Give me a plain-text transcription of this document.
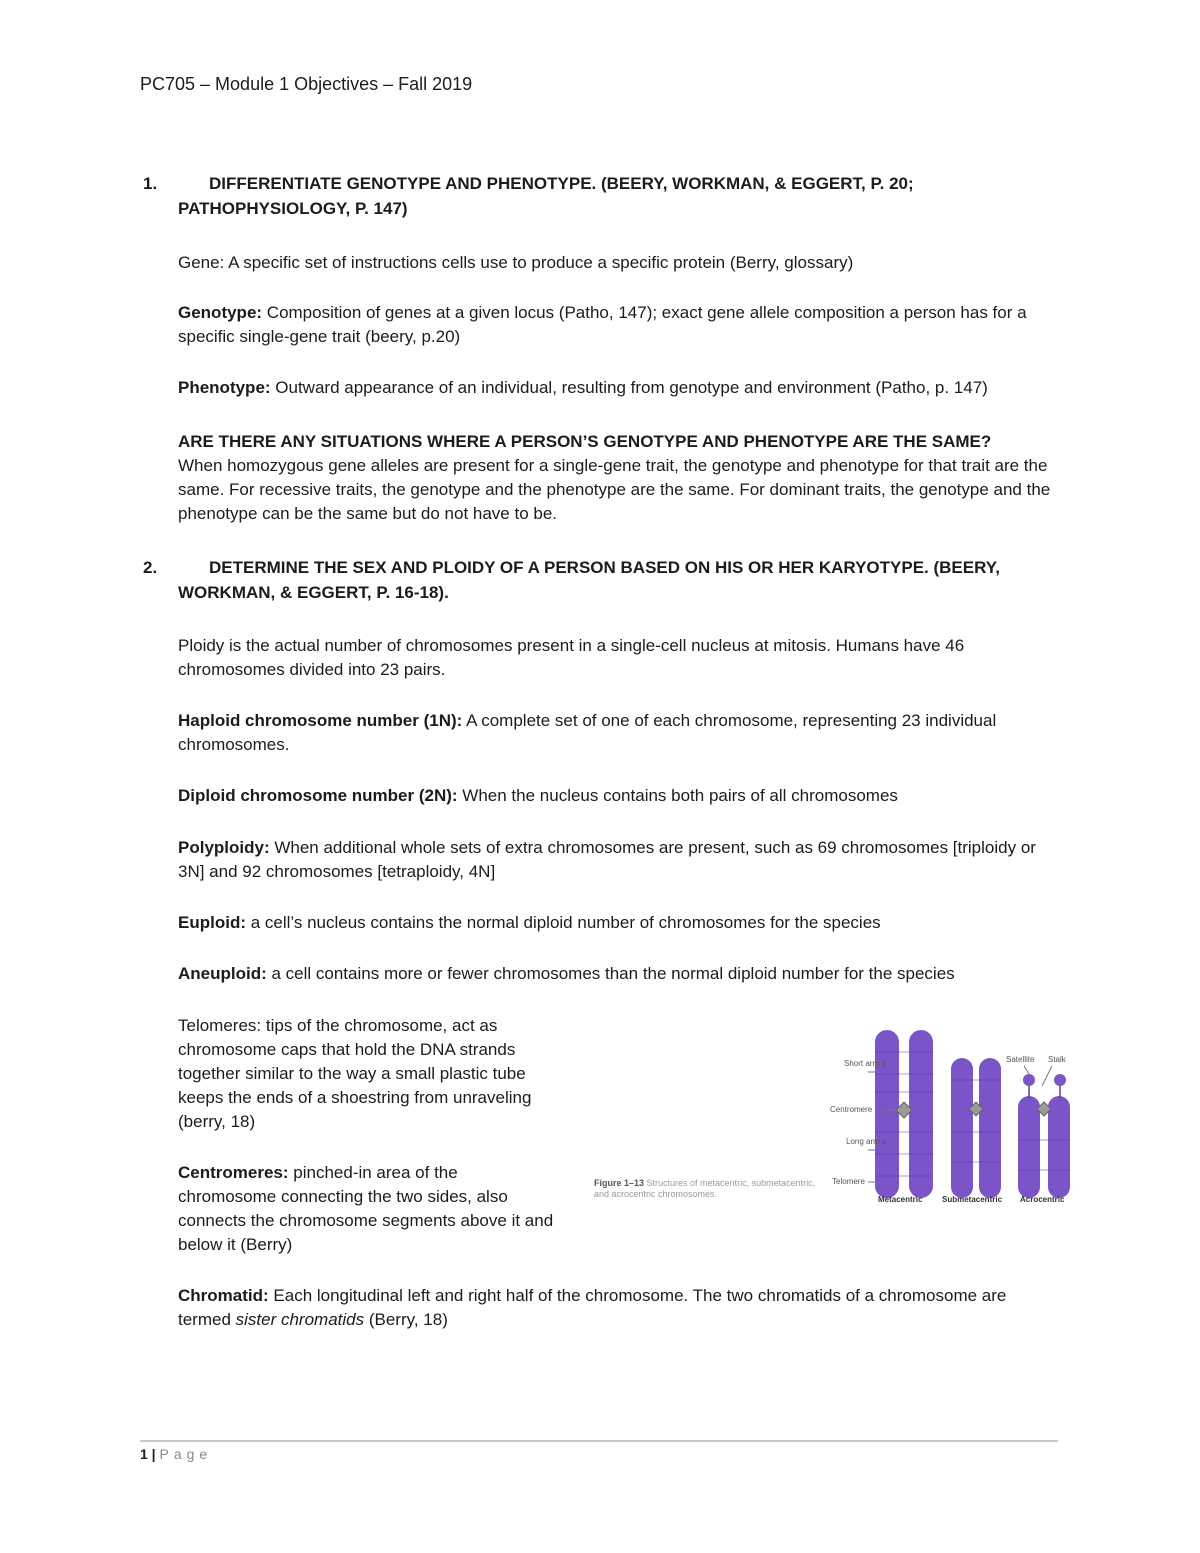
PC705 – Module 1 Objectives – Fall 2019
1.	DIFFERENTIATE GENOTYPE AND PHENOTYPE. (BEERY, WORKMAN, & EGGERT, P. 20;
PATHOPHYSIOLOGY, P. 147)
Gene: A specific set of instructions cells use to produce a specific protein (Berry, glossary)
Genotype: Composition of genes at a given locus (Patho, 147); exact gene allele composition a person has for a specific single-gene trait (beery, p.20)
Phenotype: Outward appearance of an individual, resulting from genotype and environment (Patho, p. 147)
ARE THERE ANY SITUATIONS WHERE A PERSON’S GENOTYPE AND PHENOTYPE ARE THE SAME?
When homozygous gene alleles are present for a single-gene trait, the genotype and phenotype for that trait are the same. For recessive traits, the genotype and the phenotype are the same. For dominant traits, the genotype and the phenotype can be the same but do not have to be.
2.	DETERMINE THE SEX AND PLOIDY OF A PERSON BASED ON HIS OR HER KARYOTYPE. (BEERY,
WORKMAN, & EGGERT, P. 16-18).
Ploidy is the actual number of chromosomes present in a single-cell nucleus at mitosis. Humans have 46 chromosomes divided into 23 pairs.
Haploid chromosome number (1N): A complete set of one of each chromosome, representing 23 individual chromosomes.
Diploid chromosome number (2N): When the nucleus contains both pairs of all chromosomes
Polyploidy: When additional whole sets of extra chromosomes are present, such as 69 chromosomes [triploidy or 3N] and 92 chromosomes [tetraploidy, 4N]
Euploid: a cell’s nucleus contains the normal diploid number of chromosomes for the species
Aneuploid: a cell contains more or fewer chromosomes than the normal diploid number for the species
Telomeres: tips of the chromosome, act as chromosome caps that hold the DNA strands together similar to the way a small plastic tube keeps the ends of a shoestring from unraveling (berry, 18)
Centromeres: pinched-in area of the chromosome connecting the two sides, also connects the chromosome segments above it and below it (Berry)
Chromatid: Each longitudinal left and right half of the chromosome. The two chromatids of a chromosome are termed sister chromatids (Berry, 18)
Short arm p
Centromere
Long arm q
Telomere
Satellite Stalk
Metacentric Submetacentric Acrocentric
Figure 1–13 Structures of metacentric, submetacentric, and acrocentric chromosomes.
1 | Page
